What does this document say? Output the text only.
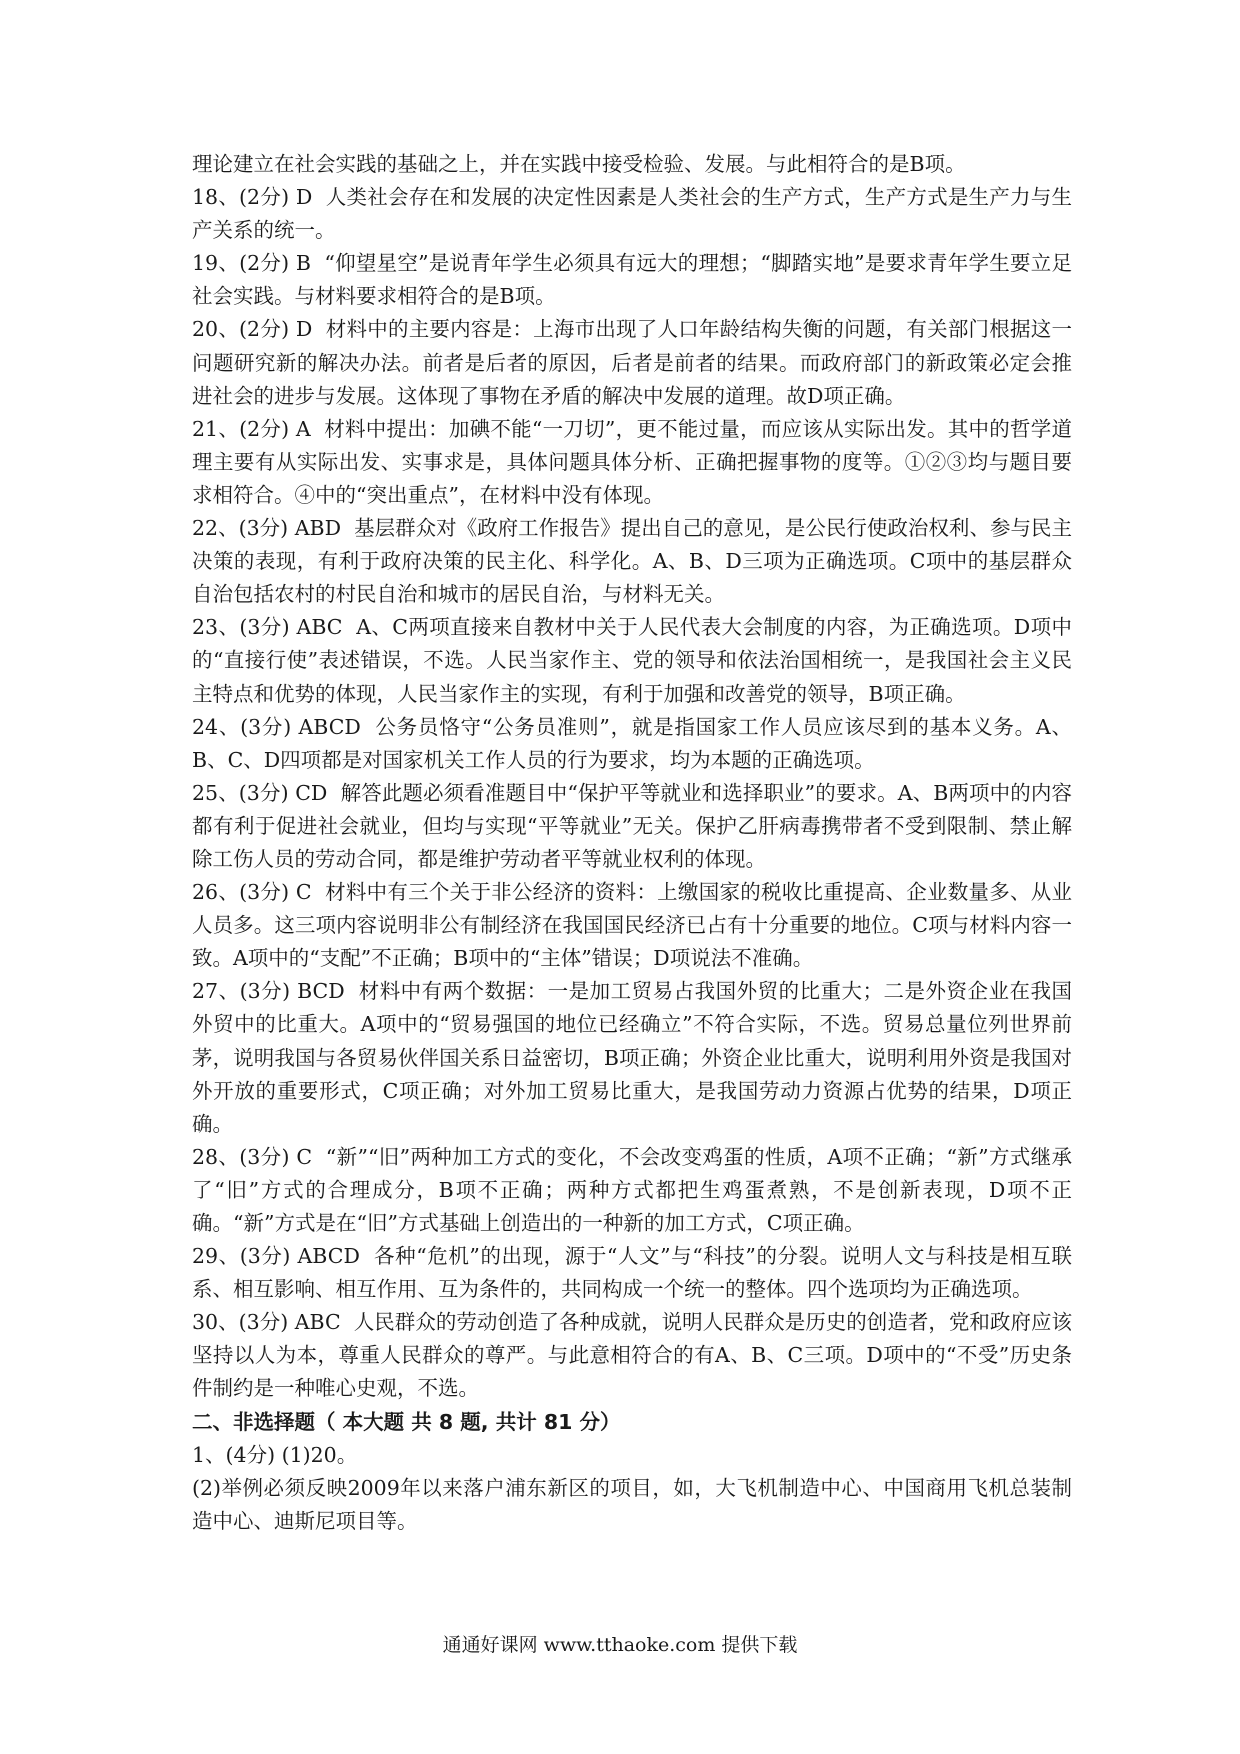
理论建立在社会实践的基础之上，并在实践中接受检验、发展。与此相符合的是B项。

18、(2分) D  人类社会存在和发展的决定性因素是人类社会的生产方式，生产方式是生产力与生产关系的统一。

19、(2分) B  “仰望星空”是说青年学生必须具有远大的理想；“脚踏实地”是要求青年学生要立足社会实践。与材料要求相符合的是B项。

20、(2分) D  材料中的主要内容是：上海市出现了人口年龄结构失衡的问题，有关部门根据这一问题研究新的解决办法。前者是后者的原因，后者是前者的结果。而政府部门的新政策必定会推进社会的进步与发展。这体现了事物在矛盾的解决中发展的道理。故D项正确。

21、(2分) A  材料中提出：加碘不能“一刀切”，更不能过量，而应该从实际出发。其中的哲学道理主要有从实际出发、实事求是，具体问题具体分析、正确把握事物的度等。①②③均与题目要求相符合。④中的“突出重点”，在材料中没有体现。

22、(3分) ABD  基层群众对《政府工作报告》提出自己的意见，是公民行使政治权利、参与民主决策的表现，有利于政府决策的民主化、科学化。A、B、D三项为正确选项。C项中的基层群众自治包括农村的村民自治和城市的居民自治，与材料无关。

23、(3分) ABC  A、C两项直接来自教材中关于人民代表大会制度的内容，为正确选项。D项中的“直接行使”表述错误，不选。人民当家作主、党的领导和依法治国相统一，是我国社会主义民主特点和优势的体现，人民当家作主的实现，有利于加强和改善党的领导，B项正确。

24、(3分) ABCD  公务员恪守“公务员准则”，就是指国家工作人员应该尽到的基本义务。A、B、C、D四项都是对国家机关工作人员的行为要求，均为本题的正确选项。

25、(3分) CD  解答此题必须看准题目中“保护平等就业和选择职业”的要求。A、B两项中的内容都有利于促进社会就业，但均与实现“平等就业”无关。保护乙肝病毒携带者不受到限制、禁止解除工伤人员的劳动合同，都是维护劳动者平等就业权利的体现。

26、(3分) C  材料中有三个关于非公经济的资料：上缴国家的税收比重提高、企业数量多、从业人员多。这三项内容说明非公有制经济在我国国民经济已占有十分重要的地位。C项与材料内容一致。A项中的“支配”不正确；B项中的“主体”错误；D项说法不准确。

27、(3分) BCD  材料中有两个数据：一是加工贸易占我国外贸的比重大；二是外资企业在我国外贸中的比重大。A项中的“贸易强国的地位已经确立”不符合实际，不选。贸易总量位列世界前茅，说明我国与各贸易伙伴国关系日益密切，B项正确；外资企业比重大，说明利用外资是我国对外开放的重要形式，C项正确；对外加工贸易比重大，是我国劳动力资源占优势的结果，D项正确。

28、(3分) C  “新”“旧”两种加工方式的变化，不会改变鸡蛋的性质，A项不正确；“新”方式继承了“旧”方式的合理成分，B项不正确；两种方式都把生鸡蛋煮熟，不是创新表现，D项不正确。“新”方式是在“旧”方式基础上创造出的一种新的加工方式，C项正确。

29、(3分) ABCD  各种“危机”的出现，源于“人文”与“科技”的分裂。说明人文与科技是相互联系、相互影响、相互作用、互为条件的，共同构成一个统一的整体。四个选项均为正确选项。

30、(3分) ABC  人民群众的劳动创造了各种成就，说明人民群众是历史的创造者，党和政府应该坚持以人为本，尊重人民群众的尊严。与此意相符合的有A、B、C三项。D项中的“不受”历史条件制约是一种唯心史观，不选。

二、非选择题（ 本大题 共 8 题, 共计 81 分）

1、(4分) (1)20。

(2)举例必须反映2009年以来落户浦东新区的项目，如，大飞机制造中心、中国商用飞机总装制造中心、迪斯尼项目等。

通通好课网 www.tthaoke.com 提供下载
